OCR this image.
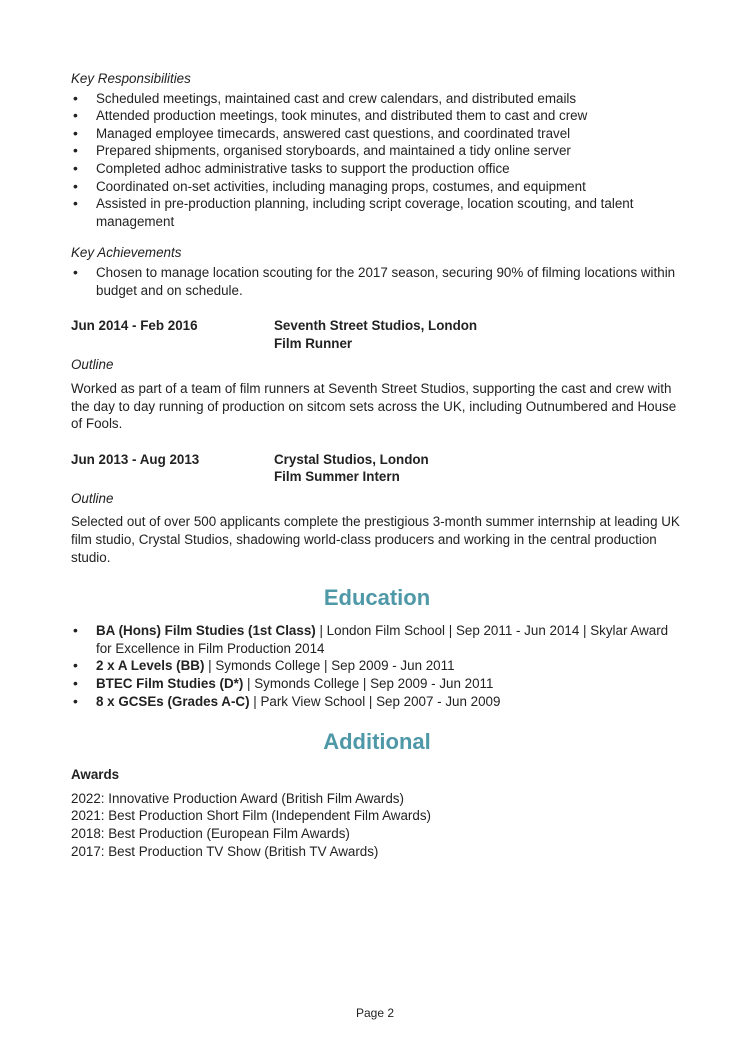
Key Responsibilities

• Scheduled meetings, maintained cast and crew calendars, and distributed emails
• Attended production meetings, took minutes, and distributed them to cast and crew
• Managed employee timecards, answered cast questions, and coordinated travel
• Prepared shipments, organised storyboards, and maintained a tidy online server
• Completed adhoc administrative tasks to support the production office
• Coordinated on-set activities, including managing props, costumes, and equipment
• Assisted in pre-production planning, including script coverage, location scouting, and talent management

Key Achievements

• Chosen to manage location scouting for the 2017 season, securing 90% of filming locations within budget and on schedule.
Jun 2014 - Feb 2016	Seventh Street Studios, London
Film Runner

Outline

Worked as part of a team of film runners at Seventh Street Studios, supporting the cast and crew with the day to day running of production on sitcom sets across the UK, including Outnumbered and House of Fools.

Jun 2013 - Aug 2013	Crystal Studios, London
Film Summer Intern

Outline

Selected out of over 500 applicants complete the prestigious 3-month summer internship at leading UK film studio, Crystal Studios, shadowing world-class producers and working in the central production studio.

Education
• BA (Hons) Film Studies (1st Class) | London Film School | Sep 2011 - Jun 2014 | Skylar Award for Excellence in Film Production 2014
• 2 x A Levels (BB) | Symonds College | Sep 2009 - Jun 2011
• BTEC Film Studies (D*) | Symonds College | Sep 2009 - Jun 2011
• 8 x GCSEs (Grades A-C) | Park View School | Sep 2007 - Jun 2009
Additional

Awards

2022: Innovative Production Award (British Film Awards)

2021: Best Production Short Film (Independent Film Awards)

2018: Best Production (European Film Awards)

2017: Best Production TV Show (British TV Awards)

Page 2
